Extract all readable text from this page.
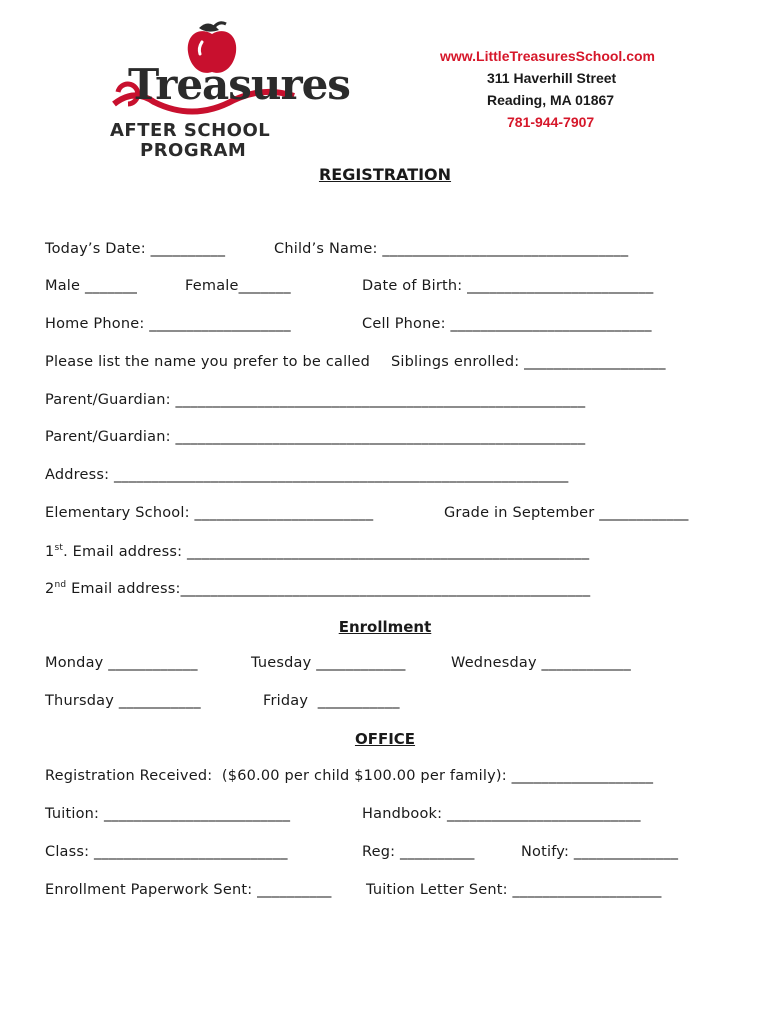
Treasures
AFTER SCHOOL
PROGRAM
www.LittleTreasuresSchool.com
311 Haverhill Street
Reading, MA 01867
781-944-7907
REGISTRATION
Today’s Date: __________	Child’s Name: _________________________________
Male _______	Female_______	Date of Birth: _________________________
Home Phone: ___________________	Cell Phone: ___________________________
Please list the name you prefer to be called Siblings enrolled: ___________________
Parent/Guardian: _______________________________________________________
Parent/Guardian: _______________________________________________________
Address: _____________________________________________________________
Elementary School: ________________________	Grade in September ____________
1st. Email address: ______________________________________________________
2nd Email address:_______________________________________________________
Enrollment
Monday ____________	Tuesday ____________	Wednesday ____________
Thursday ___________	Friday  ___________
OFFICE
Registration Received:  ($60.00 per child $100.00 per family): ___________________
Tuition: _________________________	Handbook: __________________________
Class: __________________________	Reg: __________	Notify: ______________
Enrollment Paperwork Sent: __________ Tuition Letter Sent: ____________________
